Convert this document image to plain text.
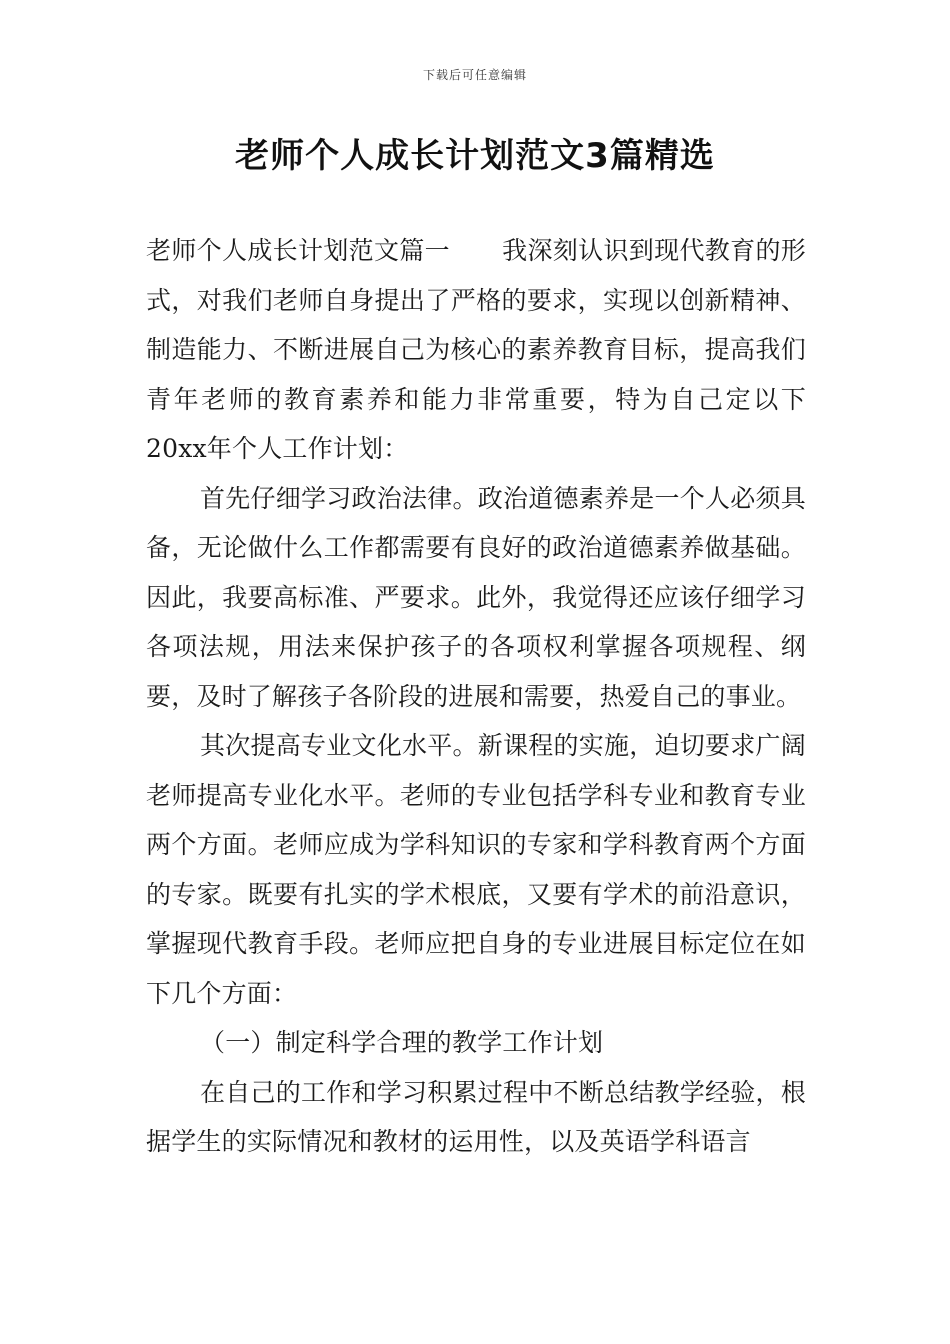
下载后可任意编辑
老师个人成长计划范文3篇精选

老师个人成长计划范文篇一 我深刻认识到现代教育的形式，对我们老师自身提出了严格的要求，实现以创新精神、制造能力、不断进展自己为核心的素养教育目标，提高我们青年老师的教育素养和能力非常重要，特为自己定以下20xx年个人工作计划：

首先仔细学习政治法律。政治道德素养是一个人必须具备，无论做什么工作都需要有良好的政治道德素养做基础。因此，我要高标准、严要求。此外，我觉得还应该仔细学习各项法规，用法来保护孩子的各项权利掌握各项规程、纲要，及时了解孩子各阶段的进展和需要，热爱自己的事业。

其次提高专业文化水平。新课程的实施，迫切要求广阔老师提高专业化水平。老师的专业包括学科专业和教育专业两个方面。老师应成为学科知识的专家和学科教育两个方面的专家。既要有扎实的学术根底，又要有学术的前沿意识，掌握现代教育手段。老师应把自身的专业进展目标定位在如下几个方面：

（一）制定科学合理的教学工作计划

在自己的工作和学习积累过程中不断总结教学经验，根据学生的实际情况和教材的运用性，以及英语学科语言
